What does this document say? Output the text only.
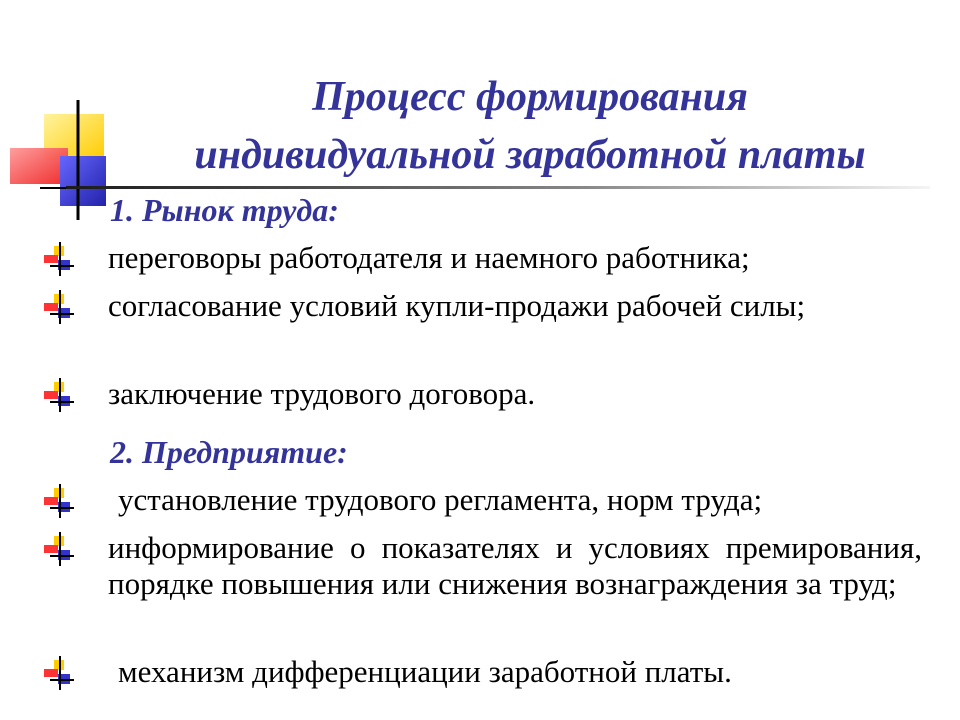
Процесс формирования
индивидуальной заработной платы
1. Рынок труда:
переговоры работодателя и наемного работника;
согласование условий купли-продажи рабочей силы;
заключение трудового договора.
2. Предприятие:
установление трудового регламента, норм труда;
информирование о показателях и условиях премирования, порядке повышения или снижения вознаграждения за труд;
механизм дифференциации заработной платы.
